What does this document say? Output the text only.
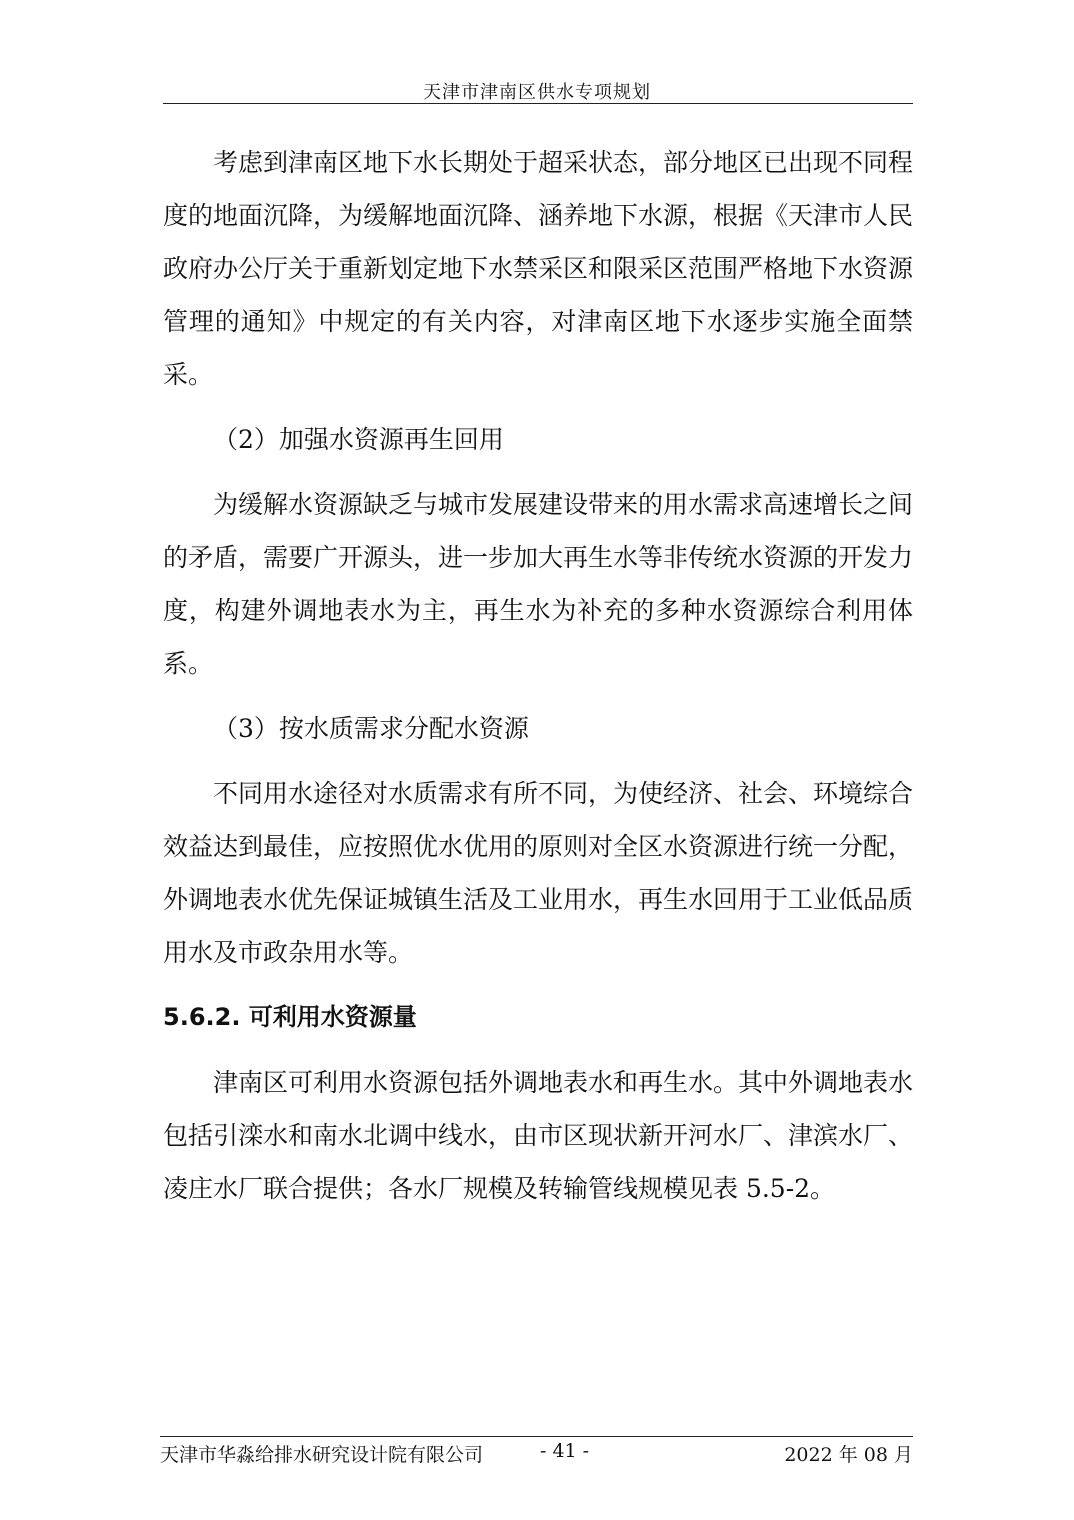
天津市津南区供水专项规划

考虑到津南区地下水长期处于超采状态，部分地区已出现不同程度的地面沉降，为缓解地面沉降、涵养地下水源，根据《天津市人民政府办公厅关于重新划定地下水禁采区和限采区范围严格地下水资源管理的通知》中规定的有关内容，对津南区地下水逐步实施全面禁采。

（2）加强水资源再生回用

为缓解水资源缺乏与城市发展建设带来的用水需求高速增长之间的矛盾，需要广开源头，进一步加大再生水等非传统水资源的开发力度，构建外调地表水为主，再生水为补充的多种水资源综合利用体系。

（3）按水质需求分配水资源

不同用水途径对水质需求有所不同，为使经济、社会、环境综合效益达到最佳，应按照优水优用的原则对全区水资源进行统一分配，外调地表水优先保证城镇生活及工业用水，再生水回用于工业低品质用水及市政杂用水等。

5.6.2. 可利用水资源量

津南区可利用水资源包括外调地表水和再生水。其中外调地表水包括引滦水和南水北调中线水，由市区现状新开河水厂、津滨水厂、凌庄水厂联合提供；各水厂规模及转输管线规模见表 5.5-2。

天津市华淼给排水研究设计院有限公司	- 41 -	2022 年 08 月
